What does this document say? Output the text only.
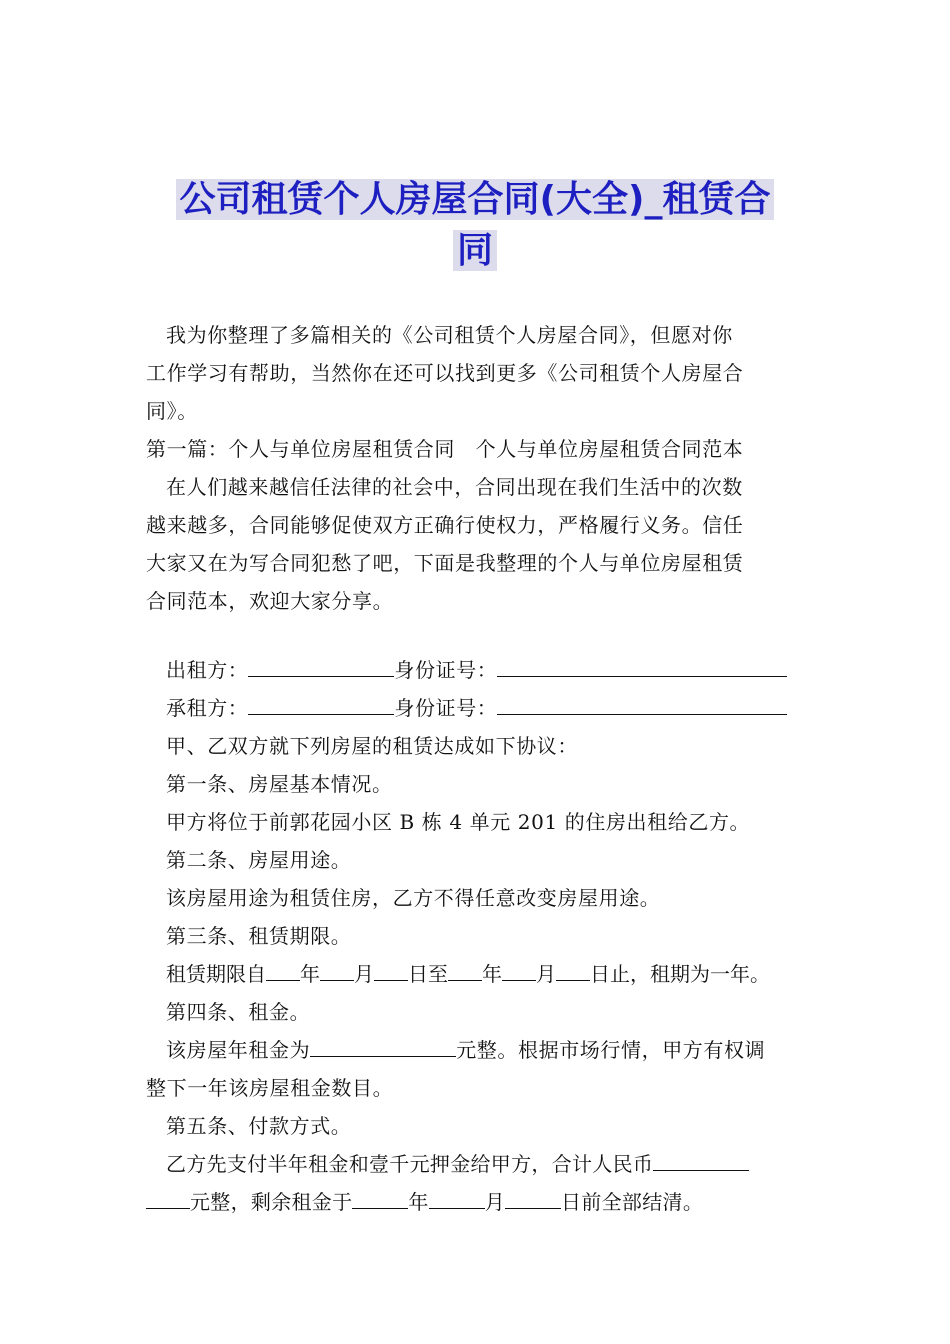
公司租赁个人房屋合同(大全)_租赁合
同
我为你整理了多篇相关的《公司租赁个人房屋合同》，但愿对你
工作学习有帮助，当然你在还可以找到更多《公司租赁个人房屋合
同》。
第一篇：个人与单位房屋租赁合同　个人与单位房屋租赁合同范本
在人们越来越信任法律的社会中，合同出现在我们生活中的次数
越来越多，合同能够促使双方正确行使权力，严格履行义务。信任
大家又在为写合同犯愁了吧，下面是我整理的个人与单位房屋租赁
合同范本，欢迎大家分享。
出租方：	身份证号：
承租方：	身份证号：
甲、乙双方就下列房屋的租赁达成如下协议：
第一条、房屋基本情况。
甲方将位于前郭花园小区 B 栋 4 单元 201 的住房出租给乙方。
第二条、房屋用途。
该房屋用途为租赁住房，乙方不得任意改变房屋用途。
第三条、租赁期限。
租赁期限自 年 月 日至 年 月 日止，租期为一年。
第四条、租金。
该房屋年租金为	元整。根据市场行情，甲方有权调
整下一年该房屋租金数目。
第五条、付款方式。
乙方先支付半年租金和壹千元押金给甲方，合计人民币
元整，剩余租金于	年	月	日前全部结清。
